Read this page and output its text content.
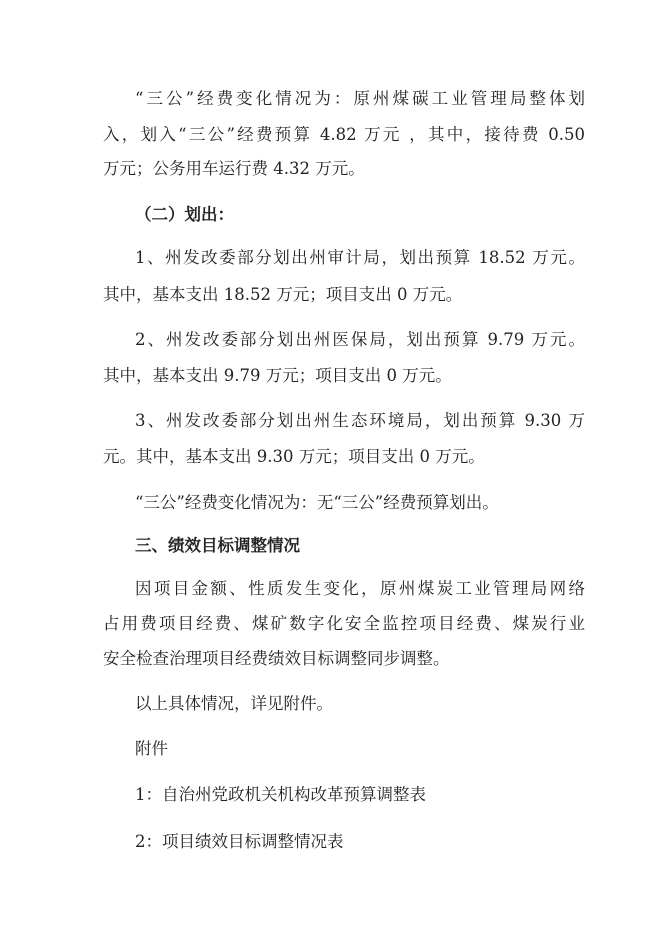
“三公”经费变化情况为：原州煤碳工业管理局整体划
入，划入“三公”经费预算 4.82 万元 ，其中，接待费 0.50
万元；公务用车运行费 4.32 万元。
（二）划出：
1、州发改委部分划出州审计局，划出预算 18.52 万元。
其中，基本支出 18.52 万元；项目支出 0 万元。
2、州发改委部分划出州医保局，划出预算 9.79 万元。
其中，基本支出 9.79 万元；项目支出 0 万元。
3、州发改委部分划出州生态环境局，划出预算 9.30 万
元。其中，基本支出 9.30 万元；项目支出 0 万元。
“三公”经费变化情况为：无“三公”经费预算划出。
三、绩效目标调整情况
因项目金额、性质发生变化，原州煤炭工业管理局网络
占用费项目经费、煤矿数字化安全监控项目经费、煤炭行业
安全检查治理项目经费绩效目标调整同步调整。
以上具体情况，详见附件。
附件
1：自治州党政机关机构改革预算调整表
2：项目绩效目标调整情况表
